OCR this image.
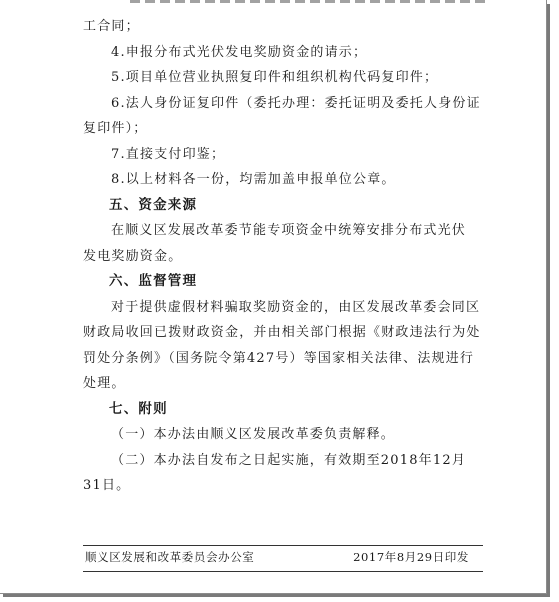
工合同；
4.申报分布式光伏发电奖励资金的请示；
5.项目单位营业执照复印件和组织机构代码复印件；
6.法人身份证复印件（委托办理：委托证明及委托人身份证
复印件）；
7.直接支付印鉴；
8.以上材料各一份，均需加盖申报单位公章。
五、资金来源
在顺义区发展改革委节能专项资金中统筹安排分布式光伏
发电奖励资金。
六、监督管理
对于提供虚假材料骗取奖励资金的，由区发展改革委会同区
财政局收回已拨财政资金，并由相关部门根据《财政违法行为处
罚处分条例》（国务院令第427号）等国家相关法律、法规进行
处理。
七、附则
（一）本办法由顺义区发展改革委负责解释。
（二）本办法自发布之日起实施，有效期至2018年12月
31日。
顺义区发展和改革委员会办公室	2017年8月29日印发
